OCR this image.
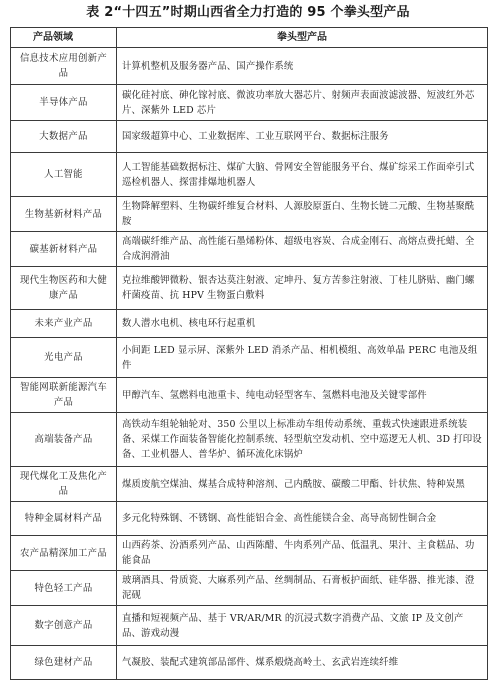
表 2“十四五”时期山西省全力打造的 95 个拳头型产品
产品领域	拳头型产品
信息技术应用创新产品	计算机整机及服务器产品、国产操作系统
半导体产品	碳化硅衬底、砷化镓衬底、微波功率放大器芯片、射频声表面波滤波器、短波红外芯片、深紫外 LED 芯片
大数据产品	国家级超算中心、工业数据库、工业互联网平台、数据标注服务
人工智能	人工智能基础数据标注、煤矿大脑、骨网安全智能服务平台、煤矿综采工作面牵引式巡检机器人、探雷排爆地机器人
生物基新材料产品	生物降解塑料、生物碳纤维复合材料、人源胶原蛋白、生物长链二元酸、生物基聚酰胺
碳基新材料产品	高端碳纤维产品、高性能石墨烯粉体、超级电容炭、合成金刚石、高熔点费托蜡、全合成润滑油
现代生物医药和大健康产品	克拉维酸钾微粉、银杏达莫注射液、定坤丹、复方苦参注射液、丁桂儿脐贴、幽门螺杆菌疫苗、抗 HPV 生物蛋白敷料
未来产业产品	数人潜水电机、核电环行起重机
光电产品	小间距 LED 显示屏、深紫外 LED 消杀产品、相机模组、高效单晶 PERC 电池及组件
智能网联新能源汽车产品	甲醇汽车、氢燃料电池重卡、纯电动轻型客车、氢燃料电池及关键零部件
高端装备产品	高铁动车组轮轴轮对、350 公里以上标准动车组传动系统、重载式快速跟进系统装备、采煤工作面装备智能化控制系统、轻型航空发动机、空中巡逻无人机、3D 打印设备、工业机器人、普华炉、循环流化床锅炉
现代煤化工及焦化产品	煤质废航空煤油、煤基合成特种溶剂、己内酰胺、碳酸二甲酯、针状焦、特种炭黑
特种金属材料产品	多元化特殊钢、不锈钢、高性能铝合金、高性能镁合金、高导高韧性铜合金
农产品精深加工产品	山西药茶、汾酒系列产品、山西陈醋、牛肉系列产品、低温乳、果汁、主食糕品、功能食品
特色轻工产品	玻璃酒具、骨质瓷、大麻系列产品、丝绸制品、石膏板护面纸、硅华器、推光漆、澄泥砚
数字创意产品	直播和短视频产品、基于 VR/AR/MR 的沉浸式数字消费产品、文旅 IP 及文创产品、游戏动漫
绿色建材产品	气凝胶、装配式建筑部品部件、煤系煅烧高岭土、玄武岩连续纤维
